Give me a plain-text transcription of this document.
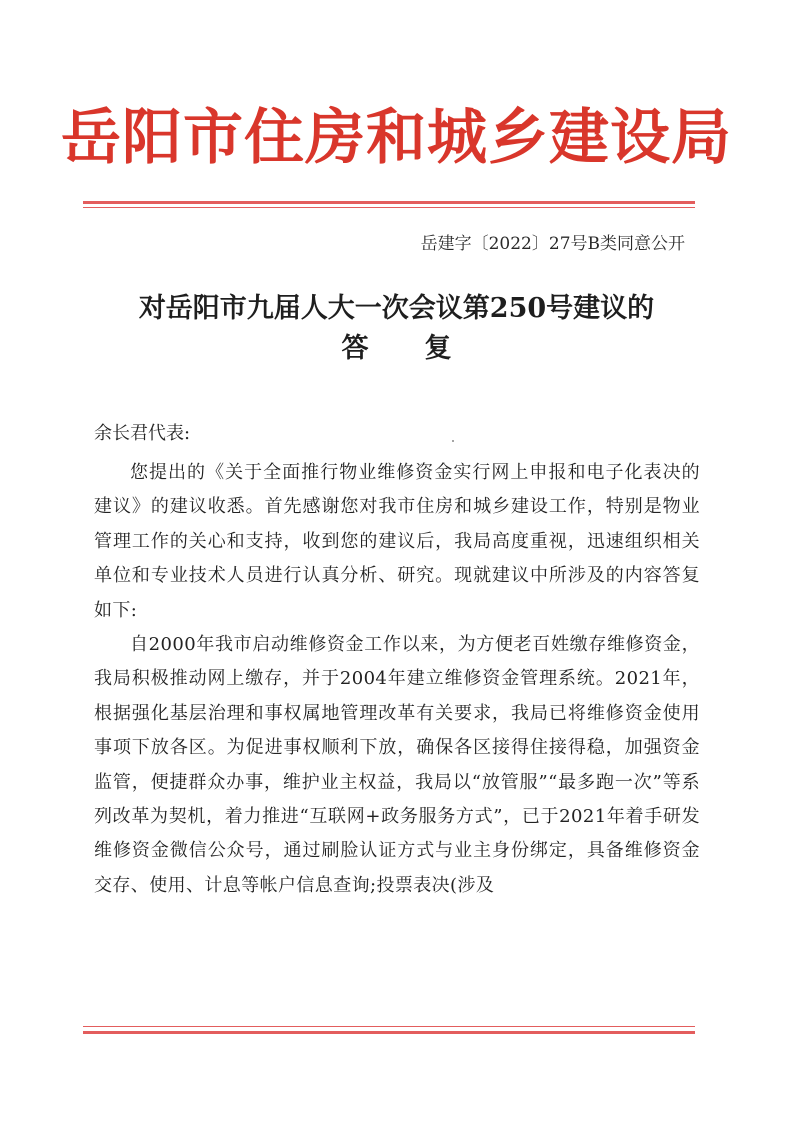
岳阳市住房和城乡建设局
岳建字〔2022〕27号B类同意公开
对岳阳市九届人大一次会议第250号建议的
答复
余长君代表:

您提出的《关于全面推行物业维修资金实行网上申报和电子化表决的建议》的建议收悉。首先感谢您对我市住房和城乡建设工作，特别是物业管理工作的关心和支持，收到您的建议后，我局高度重视，迅速组织相关单位和专业技术人员进行认真分析、研究。现就建议中所涉及的内容答复如下:

自2000年我市启动维修资金工作以来，为方便老百姓缴存维修资金，我局积极推动网上缴存，并于2004年建立维修资金管理系统。2021年，根据强化基层治理和事权属地管理改革有关要求，我局已将维修资金使用事项下放各区。为促进事权顺利下放，确保各区接得住接得稳，加强资金监管，便捷群众办事，维护业主权益，我局以“放管服”“最多跑一次”等系列改革为契机，着力推进“互联网+政务服务方式”，已于2021年着手研发维修资金微信公众号，通过刷脸认证方式与业主身份绑定，具备维修资金交存、使用、计息等帐户信息查询;投票表决(涉及
